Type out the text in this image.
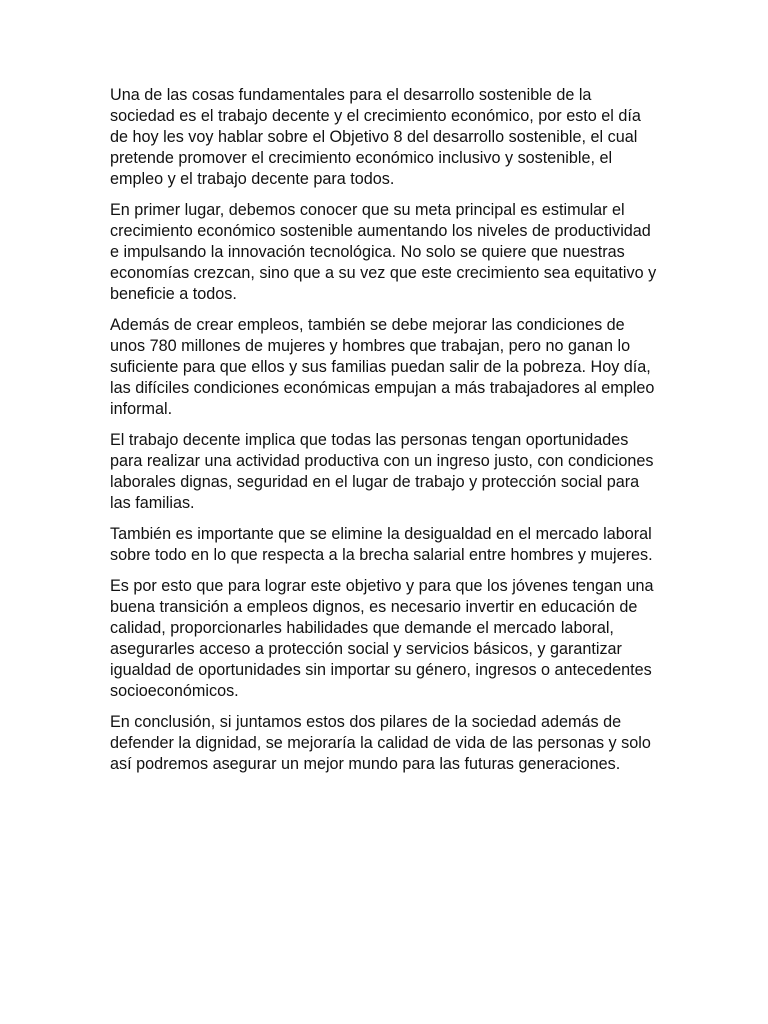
Una de las cosas fundamentales para el desarrollo sostenible de la sociedad es el trabajo decente y el crecimiento económico, por esto el día de hoy les voy hablar sobre el Objetivo 8 del desarrollo sostenible, el cual pretende promover el crecimiento económico inclusivo y sostenible, el empleo y el trabajo decente para todos.

En primer lugar, debemos conocer que su meta principal es estimular el crecimiento económico sostenible aumentando los niveles de productividad e impulsando la innovación tecnológica. No solo se quiere que nuestras economías crezcan, sino que a su vez que este crecimiento sea equitativo y beneficie a todos.

Además de crear empleos, también se debe mejorar las condiciones de unos 780 millones de mujeres y hombres que trabajan, pero no ganan lo suficiente para que ellos y sus familias puedan salir de la pobreza. Hoy día, las difíciles condiciones económicas empujan a más trabajadores al empleo informal.

El trabajo decente implica que todas las personas tengan oportunidades para realizar una actividad productiva con un ingreso justo, con condiciones laborales dignas, seguridad en el lugar de trabajo y protección social para las familias.

También es importante que se elimine la desigualdad en el mercado laboral sobre todo en lo que respecta a la brecha salarial entre hombres y mujeres.

Es por esto que para lograr este objetivo y para que los jóvenes tengan una buena transición a empleos dignos, es necesario invertir en educación de calidad, proporcionarles habilidades que demande el mercado laboral, asegurarles acceso a protección social y servicios básicos, y garantizar igualdad de oportunidades sin importar su género, ingresos o antecedentes socioeconómicos.

En conclusión, si juntamos estos dos pilares de la sociedad además de defender la dignidad, se mejoraría la calidad de vida de las personas y solo así podremos asegurar un mejor mundo para las futuras generaciones.
